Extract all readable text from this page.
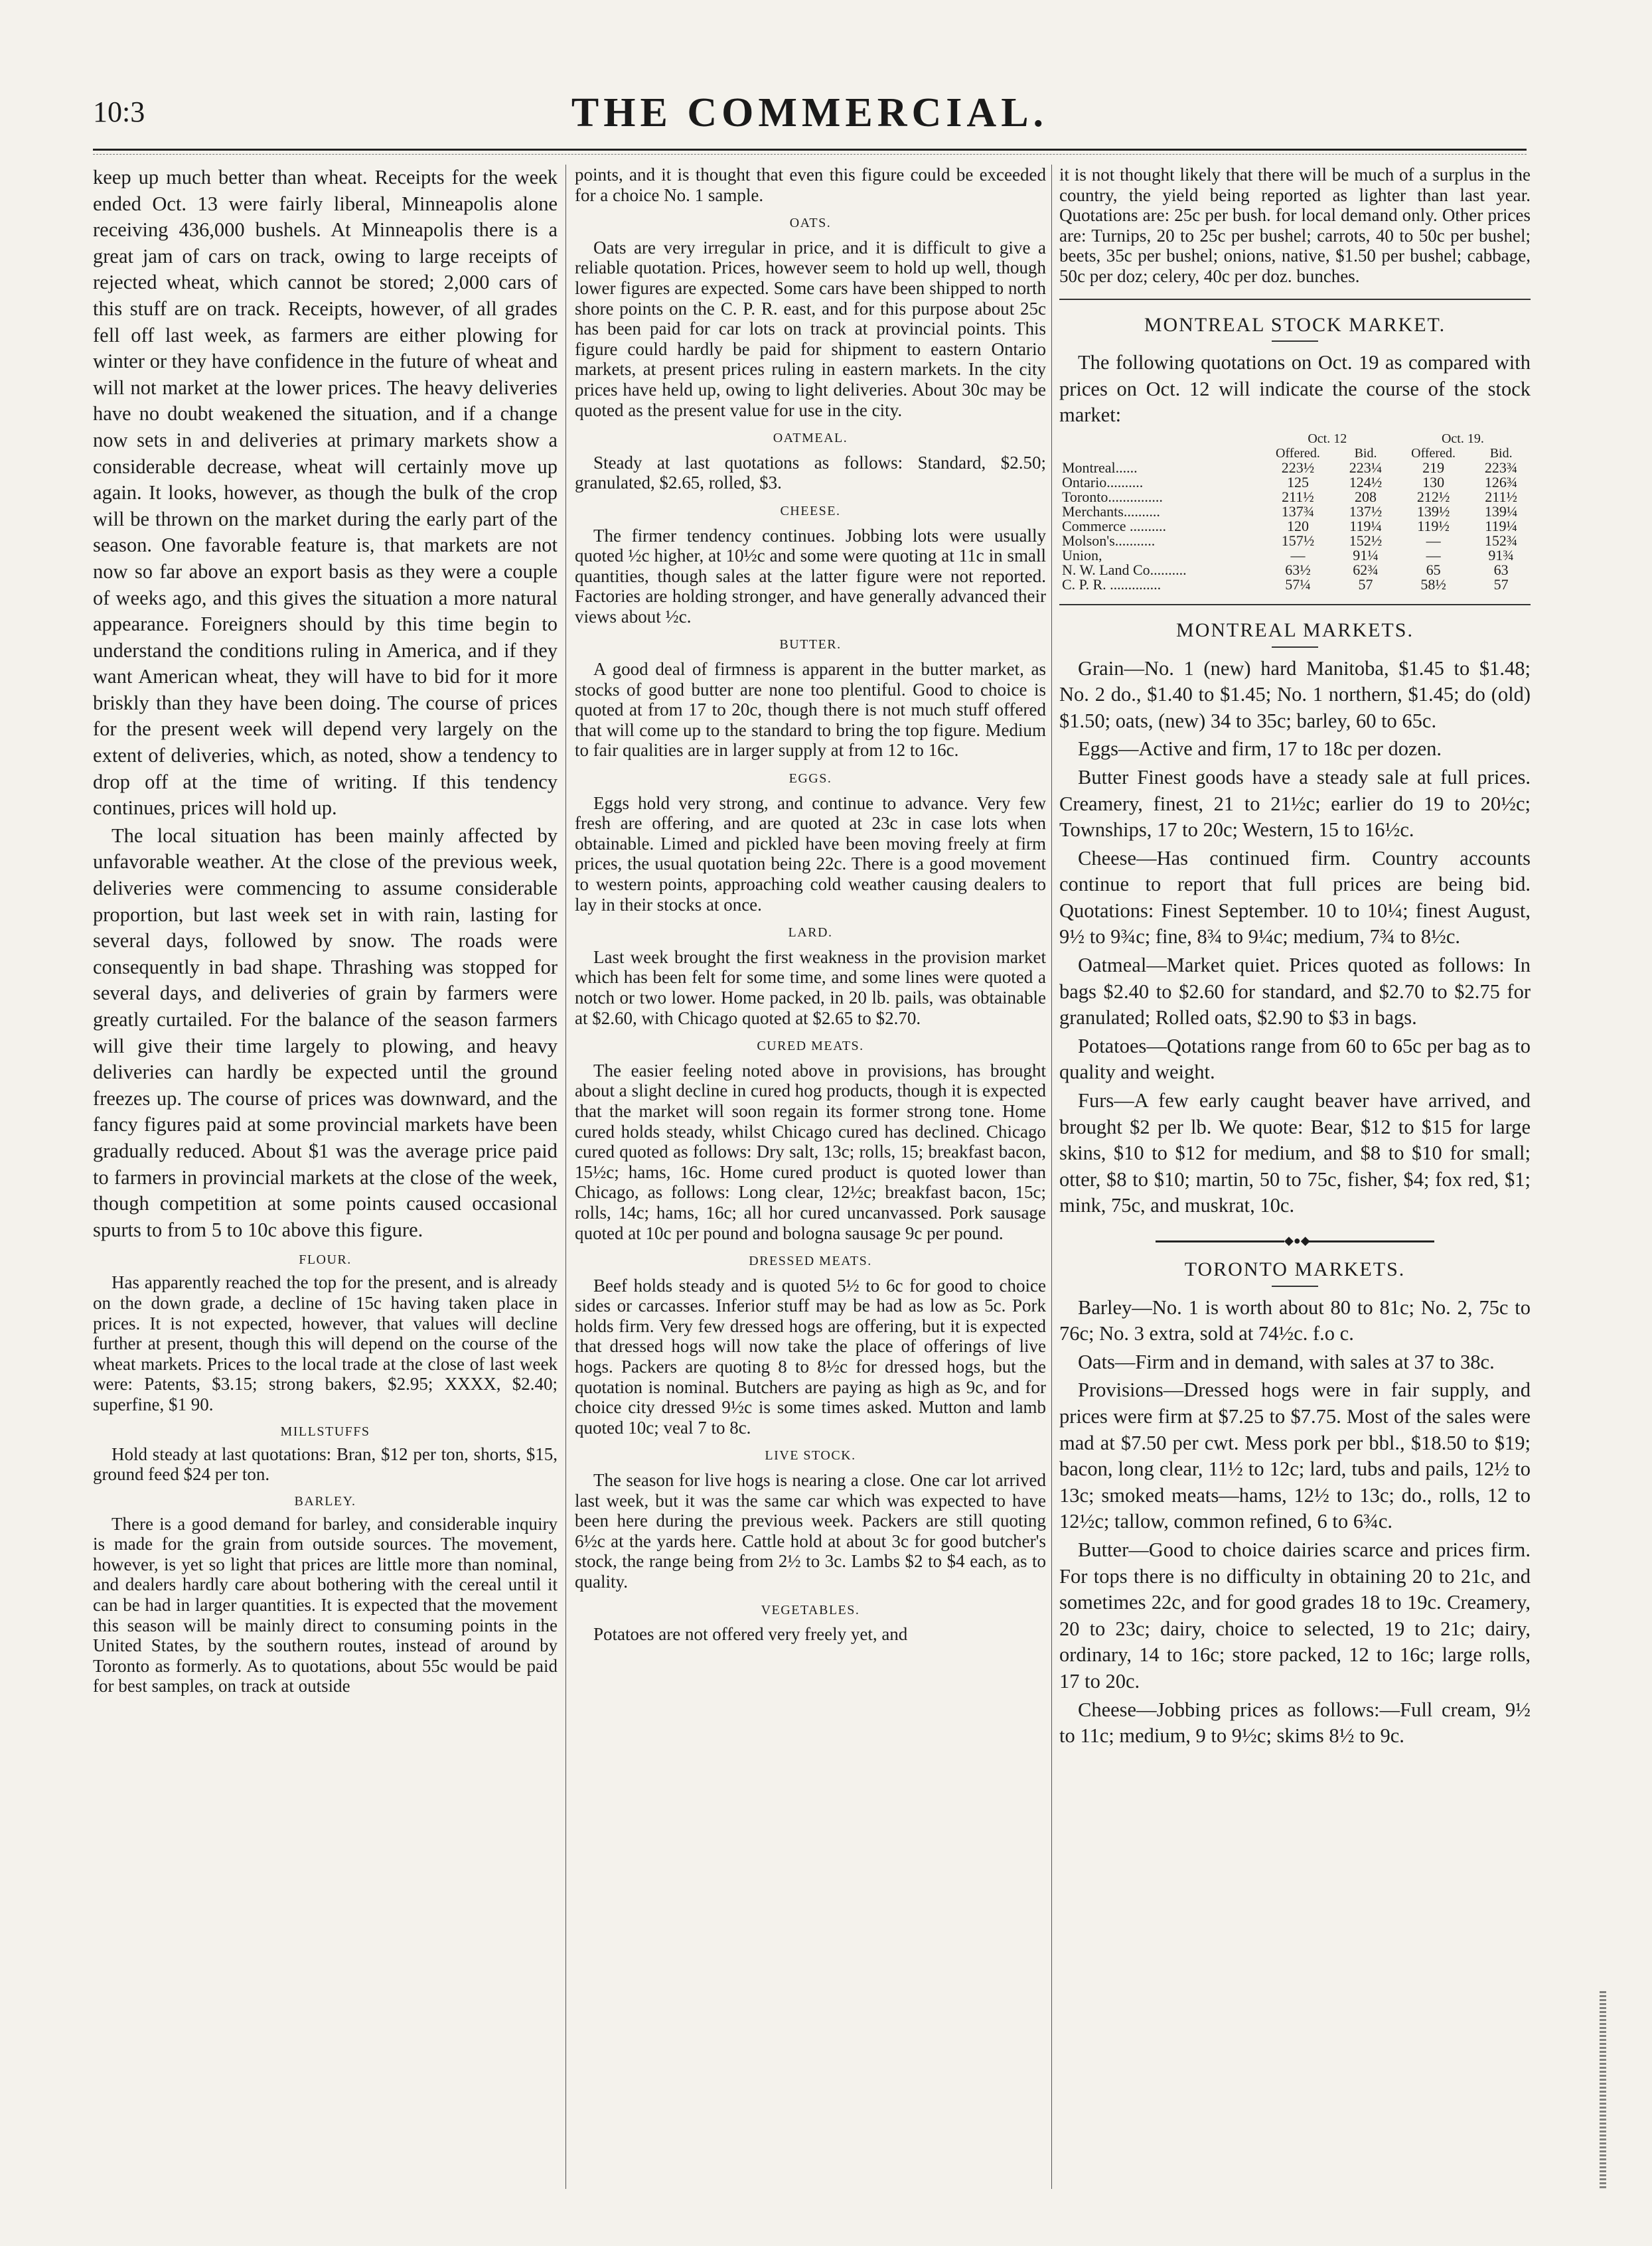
10:3	THE COMMERCIAL.

keep up much better than wheat. Receipts for the week ended Oct. 13 were fairly liberal, Minneapolis alone receiving 436,000 bushels. At Minneapolis there is a great jam of cars on track, owing to large receipts of rejected wheat, which cannot be stored; 2,000 cars of this stuff are on track. Receipts, however, of all grades fell off last week, as farmers are either plowing for winter or they have confidence in the future of wheat and will not market at the lower prices. The heavy deliveries have no doubt weakened the situation, and if a change now sets in and deliveries at primary markets show a considerable decrease, wheat will certainly move up again. It looks, however, as though the bulk of the crop will be thrown on the market during the early part of the season. One favorable feature is, that markets are not now so far above an export basis as they were a couple of weeks ago, and this gives the situation a more natural appearance. Foreigners should by this time begin to understand the conditions ruling in America, and if they want American wheat, they will have to bid for it more briskly than they have been doing. The course of prices for the present week will depend very largely on the extent of deliveries, which, as noted, show a tendency to drop off at the time of writing. If this tendency continues, prices will hold up.

The local situation has been mainly affected by unfavorable weather. At the close of the previous week, deliveries were commencing to assume considerable proportion, but last week set in with rain, lasting for several days, followed by snow. The roads were consequently in bad shape. Thrashing was stopped for several days, and deliveries of grain by farmers were greatly curtailed. For the balance of the season farmers will give their time largely to plowing, and heavy deliveries can hardly be expected until the ground freezes up. The course of prices was downward, and the fancy figures paid at some provincial markets have been gradually reduced. About $1 was the average price paid to farmers in provincial markets at the close of the week, though competition at some points caused occasional spurts to from 5 to 10c above this figure.

FLOUR.

Has apparently reached the top for the present, and is already on the down grade, a decline of 15c having taken place in prices. It is not expected, however, that values will decline further at present, though this will depend on the course of the wheat markets. Prices to the local trade at the close of last week were: Patents, $3.15; strong bakers, $2.95; XXXX, $2.40; superfine, $1 90.

MILLSTUFFS

Hold steady at last quotations: Bran, $12 per ton, shorts, $15, ground feed $24 per ton.

BARLEY.

There is a good demand for barley, and considerable inquiry is made for the grain from outside sources. The movement, however, is yet so light that prices are little more than nominal, and dealers hardly care about bothering with the cereal until it can be had in larger quantities. It is expected that the movement this season will be mainly direct to consuming points in the United States, by the southern routes, instead of around by Toronto as formerly. As to quotations, about 55c would be paid for best samples, on track at outside

points, and it is thought that even this figure could be exceeded for a choice No. 1 sample.

OATS.

Oats are very irregular in price, and it is difficult to give a reliable quotation. Prices, however seem to hold up well, though lower figures are expected. Some cars have been shipped to north shore points on the C. P. R. east, and for this purpose about 25c has been paid for car lots on track at provincial points. This figure could hardly be paid for shipment to eastern Ontario markets, at present prices ruling in eastern markets. In the city prices have held up, owing to light deliveries. About 30c may be quoted as the present value for use in the city.

OATMEAL.

Steady at last quotations as follows: Standard, $2.50; granulated, $2.65, rolled, $3.

CHEESE.

The firmer tendency continues. Jobbing lots were usually quoted ½c higher, at 10½c and some were quoting at 11c in small quantities, though sales at the latter figure were not reported. Factories are holding stronger, and have generally advanced their views about ½c.

BUTTER.

A good deal of firmness is apparent in the butter market, as stocks of good butter are none too plentiful. Good to choice is quoted at from 17 to 20c, though there is not much stuff offered that will come up to the standard to bring the top figure. Medium to fair qualities are in larger supply at from 12 to 16c.

EGGS.

Eggs hold very strong, and continue to advance. Very few fresh are offering, and are quoted at 23c in case lots when obtainable. Limed and pickled have been moving freely at firm prices, the usual quotation being 22c. There is a good movement to western points, approaching cold weather causing dealers to lay in their stocks at once.

LARD.

Last week brought the first weakness in the provision market which has been felt for some time, and some lines were quoted a notch or two lower. Home packed, in 20 lb. pails, was obtainable at $2.60, with Chicago quoted at $2.65 to $2.70.

CURED MEATS.

The easier feeling noted above in provisions, has brought about a slight decline in cured hog products, though it is expected that the market will soon regain its former strong tone. Home cured holds steady, whilst Chicago cured has declined. Chicago cured quoted as follows: Dry salt, 13c; rolls, 15; breakfast bacon, 15½c; hams, 16c. Home cured product is quoted lower than Chicago, as follows: Long clear, 12½c; breakfast bacon, 15c; rolls, 14c; hams, 16c; all hor cured uncanvassed. Pork sausage quoted at 10c per pound and bologna sausage 9c per pound.

DRESSED MEATS.

Beef holds steady and is quoted 5½ to 6c for good to choice sides or carcasses. Inferior stuff may be had as low as 5c. Pork holds firm. Very few dressed hogs are offering, but it is expected that dressed hogs will now take the place of offerings of live hogs. Packers are quoting 8 to 8½c for dressed hogs, but the quotation is nominal. Butchers are paying as high as 9c, and for choice city dressed 9½c is some times asked. Mutton and lamb quoted 10c; veal 7 to 8c.

LIVE STOCK.

The season for live hogs is nearing a close. One car lot arrived last week, but it was the same car which was expected to have been here during the previous week. Packers are still quoting 6½c at the yards here. Cattle hold at about 3c for good butcher's stock, the range being from 2½ to 3c. Lambs $2 to $4 each, as to quality.

VEGETABLES.

Potatoes are not offered very freely yet, and

it is not thought likely that there will be much of a surplus in the country, the yield being reported as lighter than last year. Quotations are: 25c per bush. for local demand only. Other prices are: Turnips, 20 to 25c per bushel; carrots, 40 to 50c per bushel; beets, 35c per bushel; onions, native, $1.50 per bushel; cabbage, 50c per doz; celery, 40c per doz. bunches.

MONTREAL STOCK MARKET.

The following quotations on Oct. 19 as compared with prices on Oct. 12 will indicate the course of the stock market:

	Oct. 12		Oct. 19.	
	Offered.	Bid.	Offered.	Bid.
Montreal......	223½	223¼	219	223¾
Ontario..........	125	124½	130	126¾
Toronto...............	211½	208	212½	211½
Merchants..........	137¾	137½	139½	139¼
Commerce ..........	120	119¼	119½	119¼
Molson's...........	157½	152½	—	152¾
Union,	—	91¼	—	91¾
N. W. Land Co..........	63½	62¾	65	63
C. P. R. ..............	57¼	57	58½	57
MONTREAL MARKETS.

Grain—No. 1 (new) hard Manitoba, $1.45 to $1.48; No. 2 do., $1.40 to $1.45; No. 1 northern, $1.45; do (old) $1.50; oats, (new) 34 to 35c; barley, 60 to 65c.

Eggs—Active and firm, 17 to 18c per dozen.

Butter Finest goods have a steady sale at full prices. Creamery, finest, 21 to 21½c; earlier do 19 to 20½c; Townships, 17 to 20c; Western, 15 to 16½c.

Cheese—Has continued firm. Country accounts continue to report that full prices are being bid. Quotations: Finest September. 10 to 10¼; finest August, 9½ to 9¾c; fine, 8¾ to 9¼c; medium, 7¾ to 8½c.

Oatmeal—Market quiet. Prices quoted as follows: In bags $2.40 to $2.60 for standard, and $2.70 to $2.75 for granulated; Rolled oats, $2.90 to $3 in bags.

Potatoes—Qotations range from 60 to 65c per bag as to quality and weight.

Furs—A few early caught beaver have arrived, and brought $2 per lb. We quote: Bear, $12 to $15 for large skins, $10 to $12 for medium, and $8 to $10 for small; otter, $8 to $10; martin, 50 to 75c, fisher, $4; fox red, $1; mink, 75c, and muskrat, 10c.

◆●◆
TORONTO MARKETS.

Barley—No. 1 is worth about 80 to 81c; No. 2, 75c to 76c; No. 3 extra, sold at 74½c. f.o c.

Oats—Firm and in demand, with sales at 37 to 38c.

Provisions—Dressed hogs were in fair supply, and prices were firm at $7.25 to $7.75. Most of the sales were mad at $7.50 per cwt. Mess pork per bbl., $18.50 to $19; bacon, long clear, 11½ to 12c; lard, tubs and pails, 12½ to 13c; smoked meats—hams, 12½ to 13c; do., rolls, 12 to 12½c; tallow, common refined, 6 to 6¾c.

Butter—Good to choice dairies scarce and prices firm. For tops there is no difficulty in obtaining 20 to 21c, and sometimes 22c, and for good grades 18 to 19c. Creamery, 20 to 23c; dairy, choice to selected, 19 to 21c; dairy, ordinary, 14 to 16c; store packed, 12 to 16c; large rolls, 17 to 20c.

Cheese—Jobbing prices as follows:—Full cream, 9½ to 11c; medium, 9 to 9½c; skims 8½ to 9c.
